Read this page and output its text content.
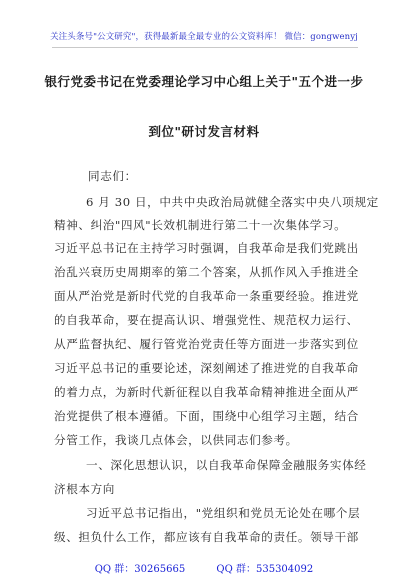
关注头条号"公文研究"，获得最新最全最专业的公文资料库！ 微信：gongwenyj
银行党委书记在党委理论学习中心组上关于"五个进一步
到位"研讨发言材料
同志们：
6 月 30 日，中共中央政治局就健全落实中央八项规定
精神、纠治"四风"长效机制进行第二十一次集体学习。
习近平总书记在主持学习时强调，自我革命是我们党跳出
治乱兴衰历史周期率的第二个答案，从抓作风入手推进全
面从严治党是新时代党的自我革命一条重要经验。推进党
的自我革命，要在提高认识、增强党性、规范权力运行、
从严监督执纪、履行管党治党责任等方面进一步落实到位
习近平总书记的重要论述，深刻阐述了推进党的自我革命
的着力点，为新时代新征程以自我革命精神推进全面从严
治党提供了根本遵循。下面，围绕中心组学习主题，结合
分管工作，我谈几点体会，以供同志们参考。
一、深化思想认识，以自我革命保障金融服务实体经
济根本方向
习近平总书记指出，"党组织和党员无论处在哪个层
级、担负什么工作，都应该有自我革命的责任。领导干部
QQ 群：30265665	QQ 群：535304092
